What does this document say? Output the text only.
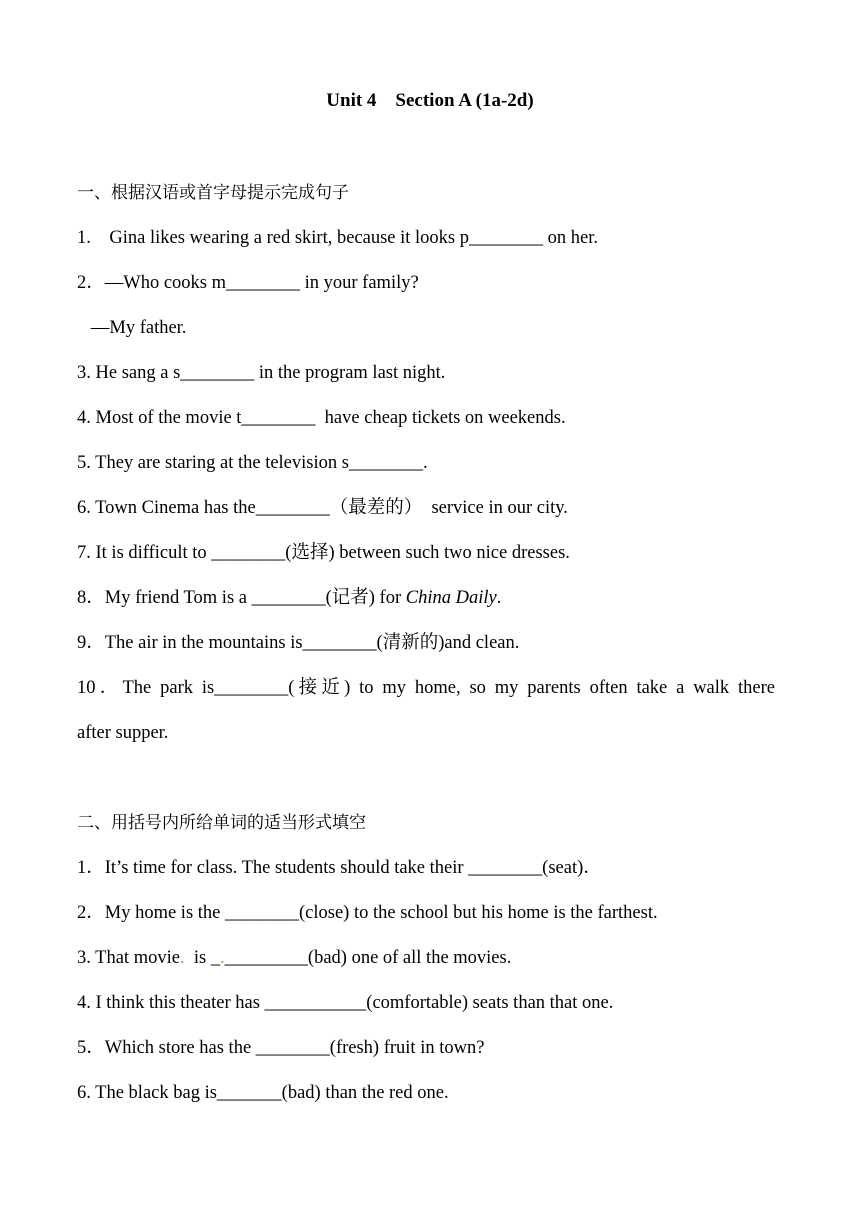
Unit 4    Section A (1a-2d)
一、根据汉语或首字母提示完成句子
1.    Gina likes wearing a red skirt, because it looks p________ on her.
2．—Who cooks m________ in your family?
—My father.
3. He sang a s________ in the program last night.
4. Most of the movie t________  have cheap tickets on weekends.
5. They are staring at the television s________.
6. Town Cinema has the________（最差的）  service in our city.
7. It is difficult to ________(选择) between such two nice dresses.
8．My friend Tom is a ________(记者) for China Daily.
9．The air in the mountains is________(清新的)and clean.
10．The park is________(接近) to my home, so my parents often take a walk there
after supper.
二、用括号内所给单词的适当形式填空
1．It’s time for class. The students should take their ________(seat)．
2．My home is the ________(close) to the school but his home is the farthest.
3. That movie.  is _._________(bad) one of all the movies.
4. I think this theater has ___________(comfortable) seats than that one.
5．Which store has the ________(fresh) fruit in town?
6. The black bag is_______(bad) than the red one.
